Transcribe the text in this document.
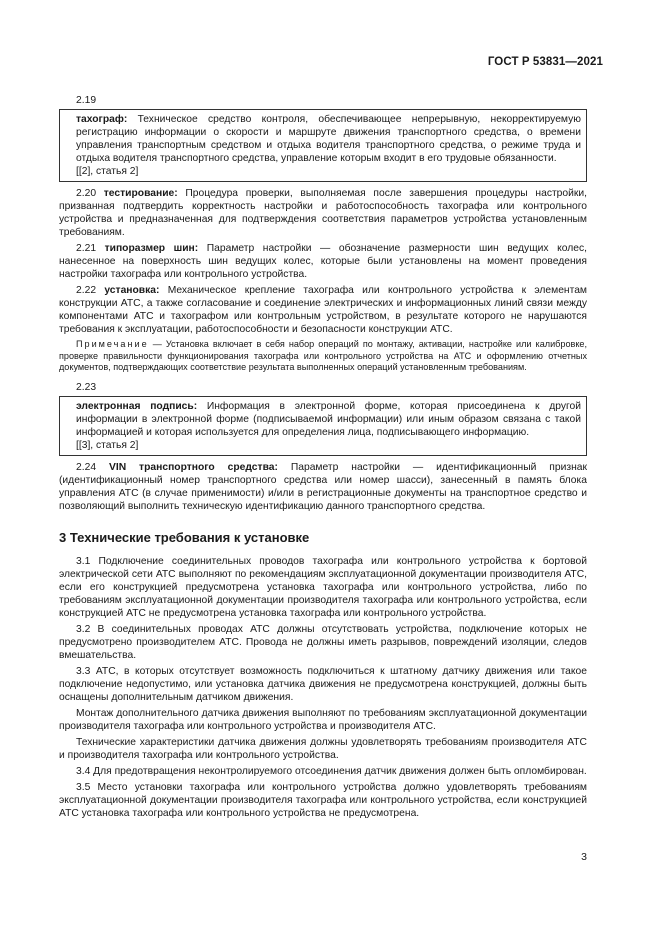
ГОСТ Р 53831—2021

2.19

тахограф: Техническое средство контроля, обеспечивающее непрерывную, некорректируемую регистрацию информации о скорости и маршруте движения транспортного средства, о времени управления транспортным средством и отдыха водителя транспортного средства, о режиме труда и отдыха водителя транспортного средства, управление которым входит в его трудовые обязанности.

[[2], статья 2]

2.20 тестирование: Процедура проверки, выполняемая после завершения процедуры настройки, призванная подтвердить корректность настройки и работоспособность тахографа или контрольного устройства и предназначенная для подтверждения соответствия параметров устройства установленным требованиям.

2.21 типоразмер шин: Параметр настройки — обозначение размерности шин ведущих колес, нанесенное на поверхность шин ведущих колес, которые были установлены на момент проведения настройки тахографа или контрольного устройства.

2.22 установка: Механическое крепление тахографа или контрольного устройства к элементам конструкции АТС, а также согласование и соединение электрических и информационных линий связи между компонентами АТС и тахографом или контрольным устройством, в результате которого не нарушаются требования к эксплуатации, работоспособности и безопасности конструкции АТС.

Примечание — Установка включает в себя набор операций по монтажу, активации, настройке или калибровке, проверке правильности функционирования тахографа или контрольного устройства на АТС и оформлению отчетных документов, подтверждающих соответствие результата выполненных операций установленным требованиям.

2.23

электронная подпись: Информация в электронной форме, которая присоединена к другой информации в электронной форме (подписываемой информации) или иным образом связана с такой информацией и которая используется для определения лица, подписывающего информацию.

[[3], статья 2]

2.24 VIN транспортного средства: Параметр настройки — идентификационный признак (идентификационный номер транспортного средства или номер шасси), занесенный в память блока управления АТС (в случае применимости) и/или в регистрационные документы на транспортное средство и позволяющий выполнить техническую идентификацию данного транспортного средства.

3 Технические требования к установке

3.1 Подключение соединительных проводов тахографа или контрольного устройства к бортовой электрической сети АТС выполняют по рекомендациям эксплуатационной документации производителя АТС, если его конструкцией предусмотрена установка тахографа или контрольного устройства, либо по требованиям эксплуатационной документации производителя тахографа или контрольного устройства, если конструкцией АТС не предусмотрена установка тахографа или контрольного устройства.

3.2 В соединительных проводах АТС должны отсутствовать устройства, подключение которых не предусмотрено производителем АТС. Провода не должны иметь разрывов, повреждений изоляции, следов вмешательства.

3.3 АТС, в которых отсутствует возможность подключиться к штатному датчику движения или такое подключение недопустимо, или установка датчика движения не предусмотрена конструкцией, должны быть оснащены дополнительным датчиком движения.

Монтаж дополнительного датчика движения выполняют по требованиям эксплуатационной документации производителя тахографа или контрольного устройства и производителя АТС.

Технические характеристики датчика движения должны удовлетворять требованиям производителя АТС и производителя тахографа или контрольного устройства.

3.4 Для предотвращения неконтролируемого отсоединения датчик движения должен быть опломбирован.

3.5 Место установки тахографа или контрольного устройства должно удовлетворять требованиям эксплуатационной документации производителя тахографа или контрольного устройства, если конструкцией АТС установка тахографа или контрольного устройства не предусмотрена.

3
